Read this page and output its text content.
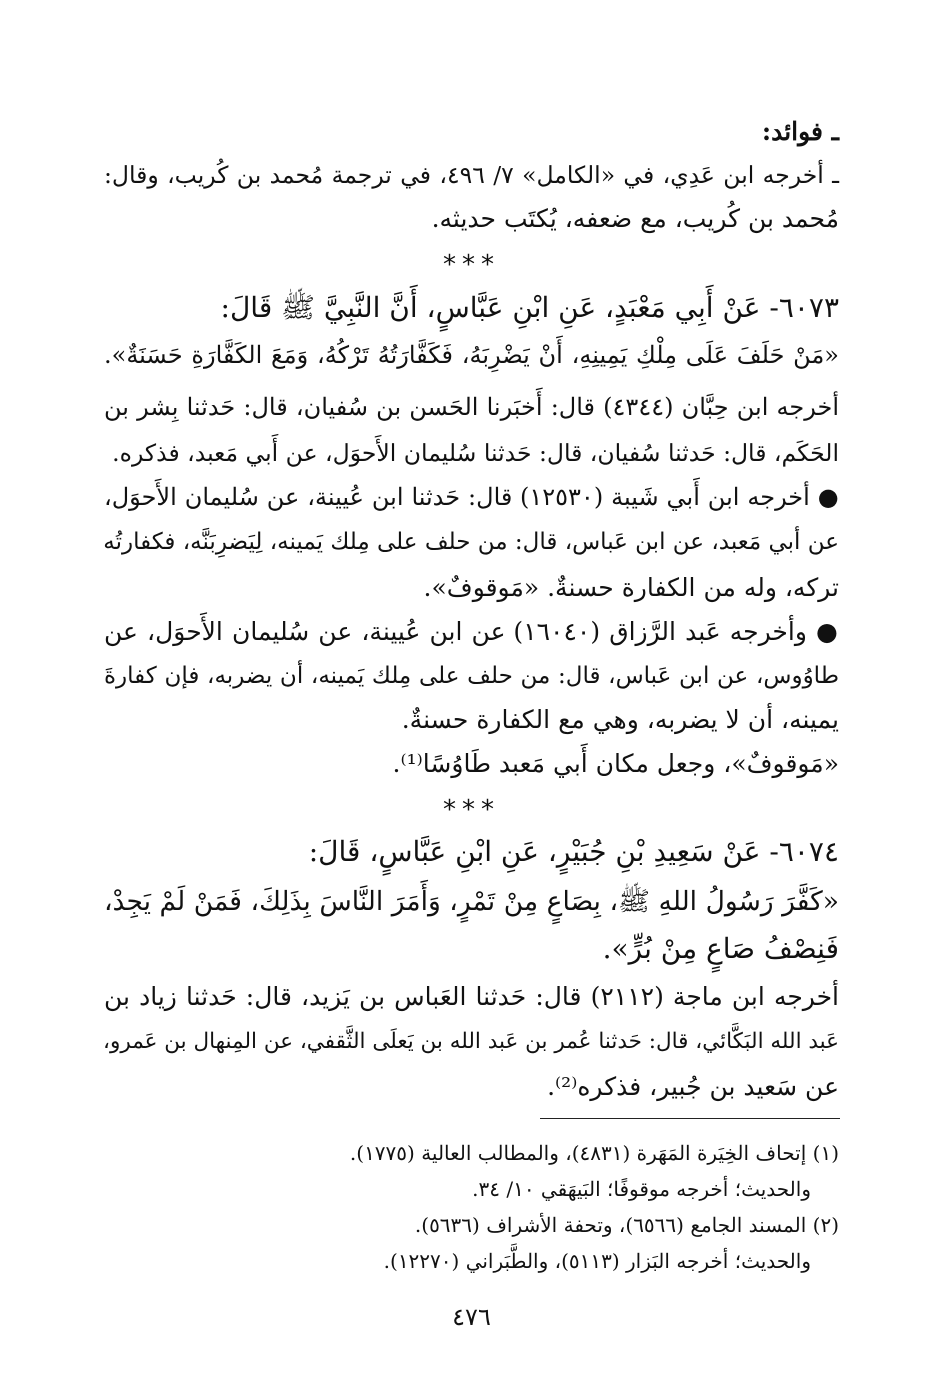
ـ فوائد:
ـ أخرجه ابن عَدِي، في «الكامل» ٧/ ٤٩٦، في ترجمة مُحمد بن كُريب، وقال:
مُحمد بن كُريب، مع ضعفه، يُكتَب حديثه.
***
٦٠٧٣- عَنْ أَبِي مَعْبَدٍ، عَنِ ابْنِ عَبَّاسٍ، أَنَّ النَّبِيَّ ﷺ قَالَ:
«مَنْ حَلَفَ عَلَى مِلْكِ يَمِينِهِ، أَنْ يَضْرِبَهُ، فَكَفَّارَتُهُ تَرْكُهُ، وَمَعَ الكَفَّارَةِ حَسَنَةٌ».
أخرجه ابن حِبَّان (٤٣٤٤) قال: أَخبَرنا الحَسن بن سُفيان، قال: حَدثنا بِشر بن
الحَكَم، قال: حَدثنا سُفيان، قال: حَدثنا سُليمان الأَحوَل، عن أَبي مَعبد، فذكره.
● أخرجه ابن أَبي شَيبة (١٢٥٣٠) قال: حَدثنا ابن عُيينة، عن سُليمان الأَحوَل،
عن أبي مَعبد، عن ابن عَباس، قال: من حلف على مِلك يَمينه، لِيَضرِبَنَّه، فكفارتُه
تركه، وله من الكفارة حسنةٌ. «مَوقوفٌ».
● وأخرجه عَبد الرَّزاق (١٦٠٤٠) عن ابن عُيينة، عن سُليمان الأَحوَل، عن
طاوُوس، عن ابن عَباس، قال: من حلف على مِلك يَمينه، أن يضربه، فإن كفارةَ
يمينه، أن لا يضربه، وهي مع الكفارة حسنةٌ.
«مَوقوفٌ»، وجعل مكان أَبي مَعبد طَاوُسًا⁽¹⁾.
***
٦٠٧٤- عَنْ سَعِيدِ بْنِ جُبَيْرٍ، عَنِ ابْنِ عَبَّاسٍ، قَالَ:
«كَفَّرَ رَسُولُ اللهِ ﷺ، بِصَاعٍ مِنْ تَمْرٍ، وَأَمَرَ النَّاسَ بِذَلِكَ، فَمَنْ لَمْ يَجِدْ،
فَنِصْفُ صَاعٍ مِنْ بُرٍّ».
أخرجه ابن ماجة (٢١١٢) قال: حَدثنا العَباس بن يَزيد، قال: حَدثنا زياد بن
عَبد الله البَكَّائي، قال: حَدثنا عُمر بن عَبد الله بن يَعلَى الثَّقفي، عن المِنهال بن عَمرو،
عن سَعيد بن جُبير، فذكره⁽²⁾.
(١) إتحاف الخِيَرة المَهَرة (٤٨٣١)، والمطالب العالية (١٧٧٥).
والحديث؛ أخرجه موقوفًا؛ البَيهَقي ١٠/ ٣٤.
(٢) المسند الجامع (٦٥٦٦)، وتحفة الأشراف (٥٦٣٦).
والحديث؛ أخرجه البَزار (٥١١٣)، والطَّبَراني (١٢٢٧٠).
٤٧٦
